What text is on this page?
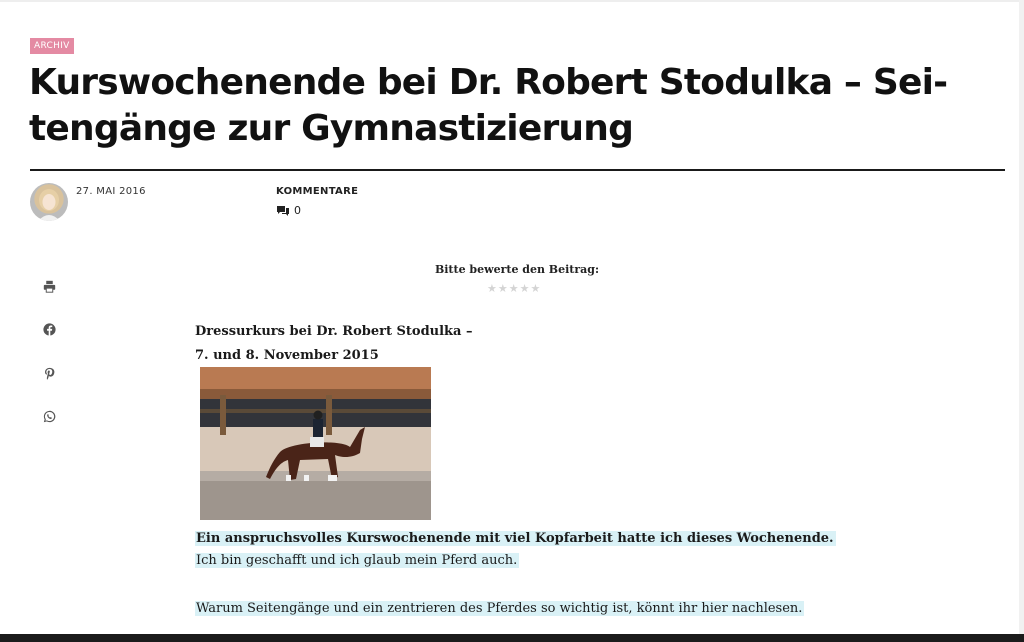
ARCHIV
Kurswochenende bei Dr. Robert Stodulka – Sei-
tengänge zur Gymnastizierung
27. MAI 2016	KOMMENTARE
0
Bitte bewerte den Beitrag:
★ ★ ★ ★ ★
Dressurkurs bei Dr. Robert Stodulka –
7. und 8. November 2015
Ein anspruchsvolles Kurswochenende mit viel Kopfarbeit hatte ich dieses Wochenende.
Ich bin geschafft und ich glaub mein Pferd auch.
Warum Seitengänge und ein zentrieren des Pferdes so wichtig ist, könnt ihr hier nachlesen.
